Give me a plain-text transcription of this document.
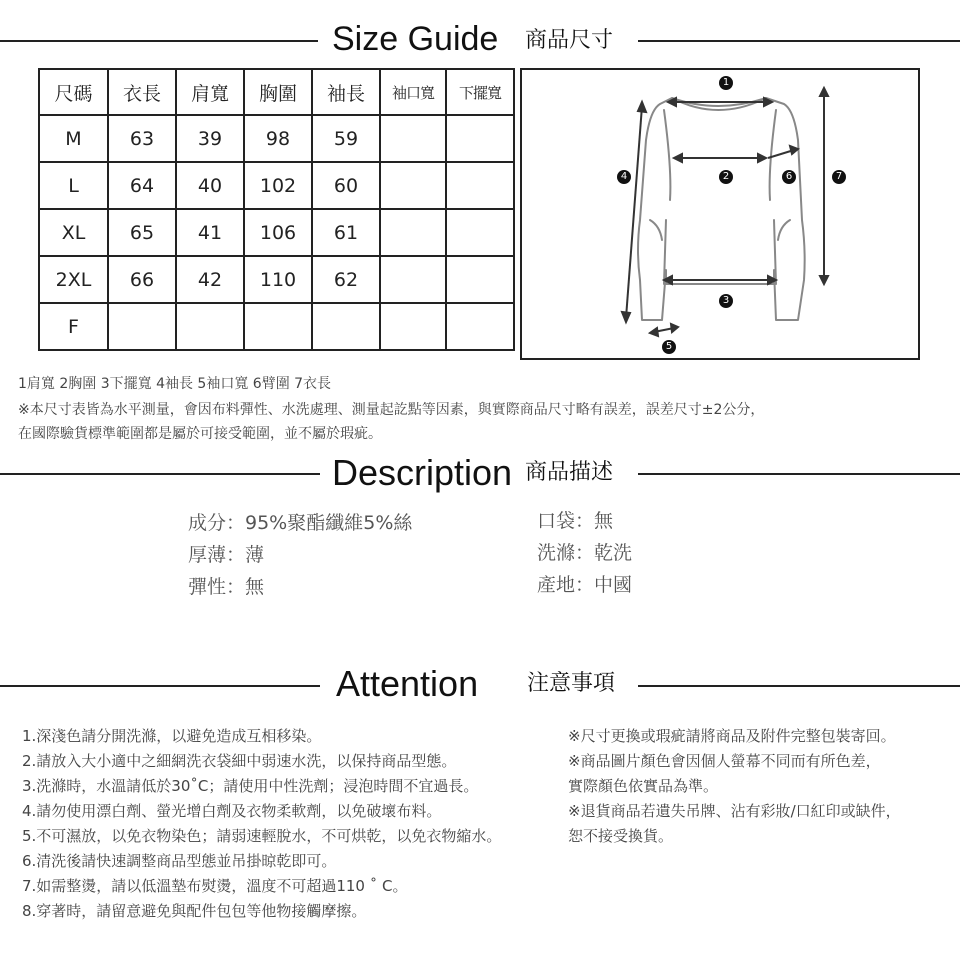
Size Guide 商品尺寸
尺碼	衣長	肩寬	胸圍	袖長	袖口寬	下擺寬
M	63	39	98	59		
L	64	40	102	60		
XL	65	41	106	61		
2XL	66	42	110	62		
F						
1
2
3
4
5
6	7
1肩寬 2胸圍 3下擺寬 4袖長 5袖口寬 6臂圍 7衣長
※本尺寸表皆為水平測量，會因布料彈性、水洗處理、測量起訖點等因素，與實際商品尺寸略有誤差，誤差尺寸±2公分，
在國際驗貨標準範圍都是屬於可接受範圍，並不屬於瑕疵。
Description 商品描述
成分：95%聚酯纖維5%絲
厚薄：薄
彈性：無
口袋：無
洗滌：乾洗
產地：中國
Attention 注意事項
1.深淺色請分開洗滌，以避免造成互相移染。
2.請放入大小適中之細網洗衣袋細中弱速水洗，以保持商品型態。
3.洗滌時，水溫請低於30˚C；請使用中性洗劑；浸泡時間不宜過長。
4.請勿使用漂白劑、螢光增白劑及衣物柔軟劑，以免破壞布料。
5.不可濕放，以免衣物染色；請弱速輕脫水，不可烘乾，以免衣物縮水。
6.清洗後請快速調整商品型態並吊掛晾乾即可。
7.如需整燙，請以低溫墊布熨燙，溫度不可超過110 ˚ C。
8.穿著時，請留意避免與配件包包等他物接觸摩擦。
※尺寸更換或瑕疵請將商品及附件完整包裝寄回。
※商品圖片顏色會因個人螢幕不同而有所色差，
實際顏色依實品為準。
※退貨商品若遺失吊牌、沾有彩妝/口紅印或缺件，
恕不接受換貨。
